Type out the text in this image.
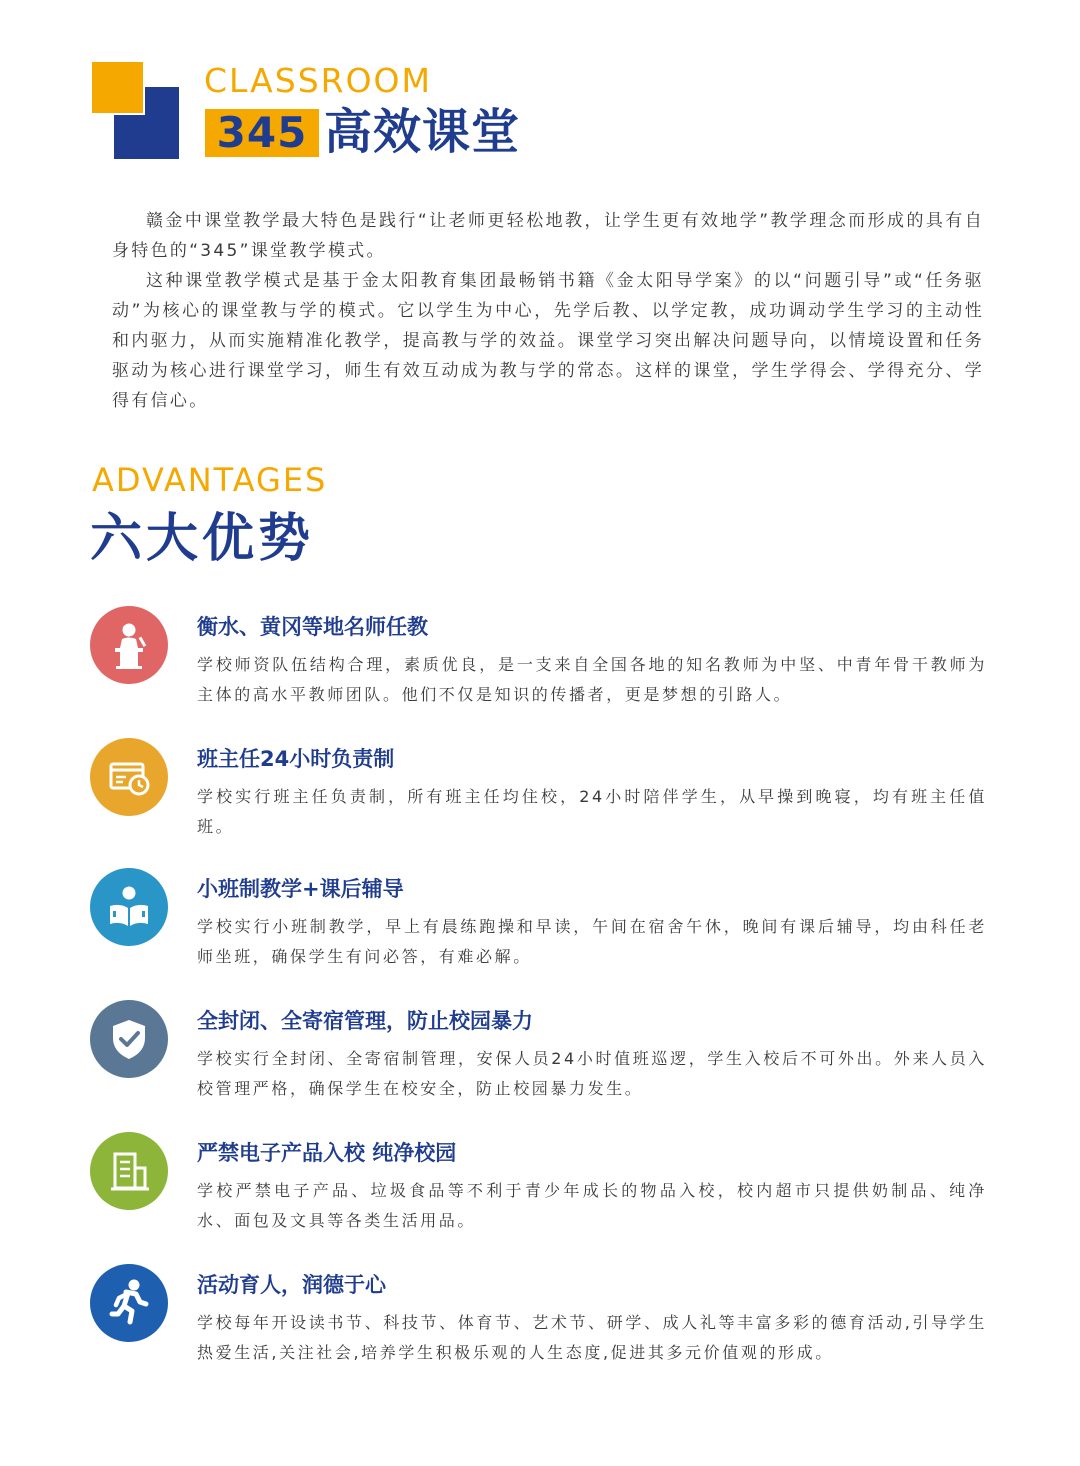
CLASSROOM
345 高效课堂

赣金中课堂教学最大特色是践行“让老师更轻松地教，让学生更有效地学”教学理念而形成的具有自身特色的“345”课堂教学模式。

这种课堂教学模式是基于金太阳教育集团最畅销书籍《金太阳导学案》的以“问题引导”或“任务驱动”为核心的课堂教与学的模式。它以学生为中心，先学后教、以学定教，成功调动学生学习的主动性和内驱力，从而实施精准化教学，提高教与学的效益。课堂学习突出解决问题导向，以情境设置和任务驱动为核心进行课堂学习，师生有效互动成为教与学的常态。这样的课堂，学生学得会、学得充分、学得有信心。

ADVANTAGES
六大优势
衡水、黄冈等地名师任教
学校师资队伍结构合理，素质优良，是一支来自全国各地的知名教师为中坚、中青年骨干教师为主体的高水平教师团队。他们不仅是知识的传播者，更是梦想的引路人。
班主任24小时负责制
学校实行班主任负责制，所有班主任均住校，24小时陪伴学生，从早操到晚寝，均有班主任值班。
小班制教学+课后辅导
学校实行小班制教学，早上有晨练跑操和早读，午间在宿舍午休，晚间有课后辅导，均由科任老师坐班，确保学生有问必答，有难必解。
全封闭、全寄宿管理，防止校园暴力
学校实行全封闭、全寄宿制管理，安保人员24小时值班巡逻，学生入校后不可外出。外来人员入校管理严格，确保学生在校安全，防止校园暴力发生。
严禁电子产品入校 纯净校园
学校严禁电子产品、垃圾食品等不利于青少年成长的物品入校，校内超市只提供奶制品、纯净水、面包及文具等各类生活用品。
活动育人，润德于心
学校每年开设读书节、科技节、体育节、艺术节、研学、成人礼等丰富多彩的德育活动,引导学生热爱生活,关注社会,培养学生积极乐观的人生态度,促进其多元价值观的形成。
